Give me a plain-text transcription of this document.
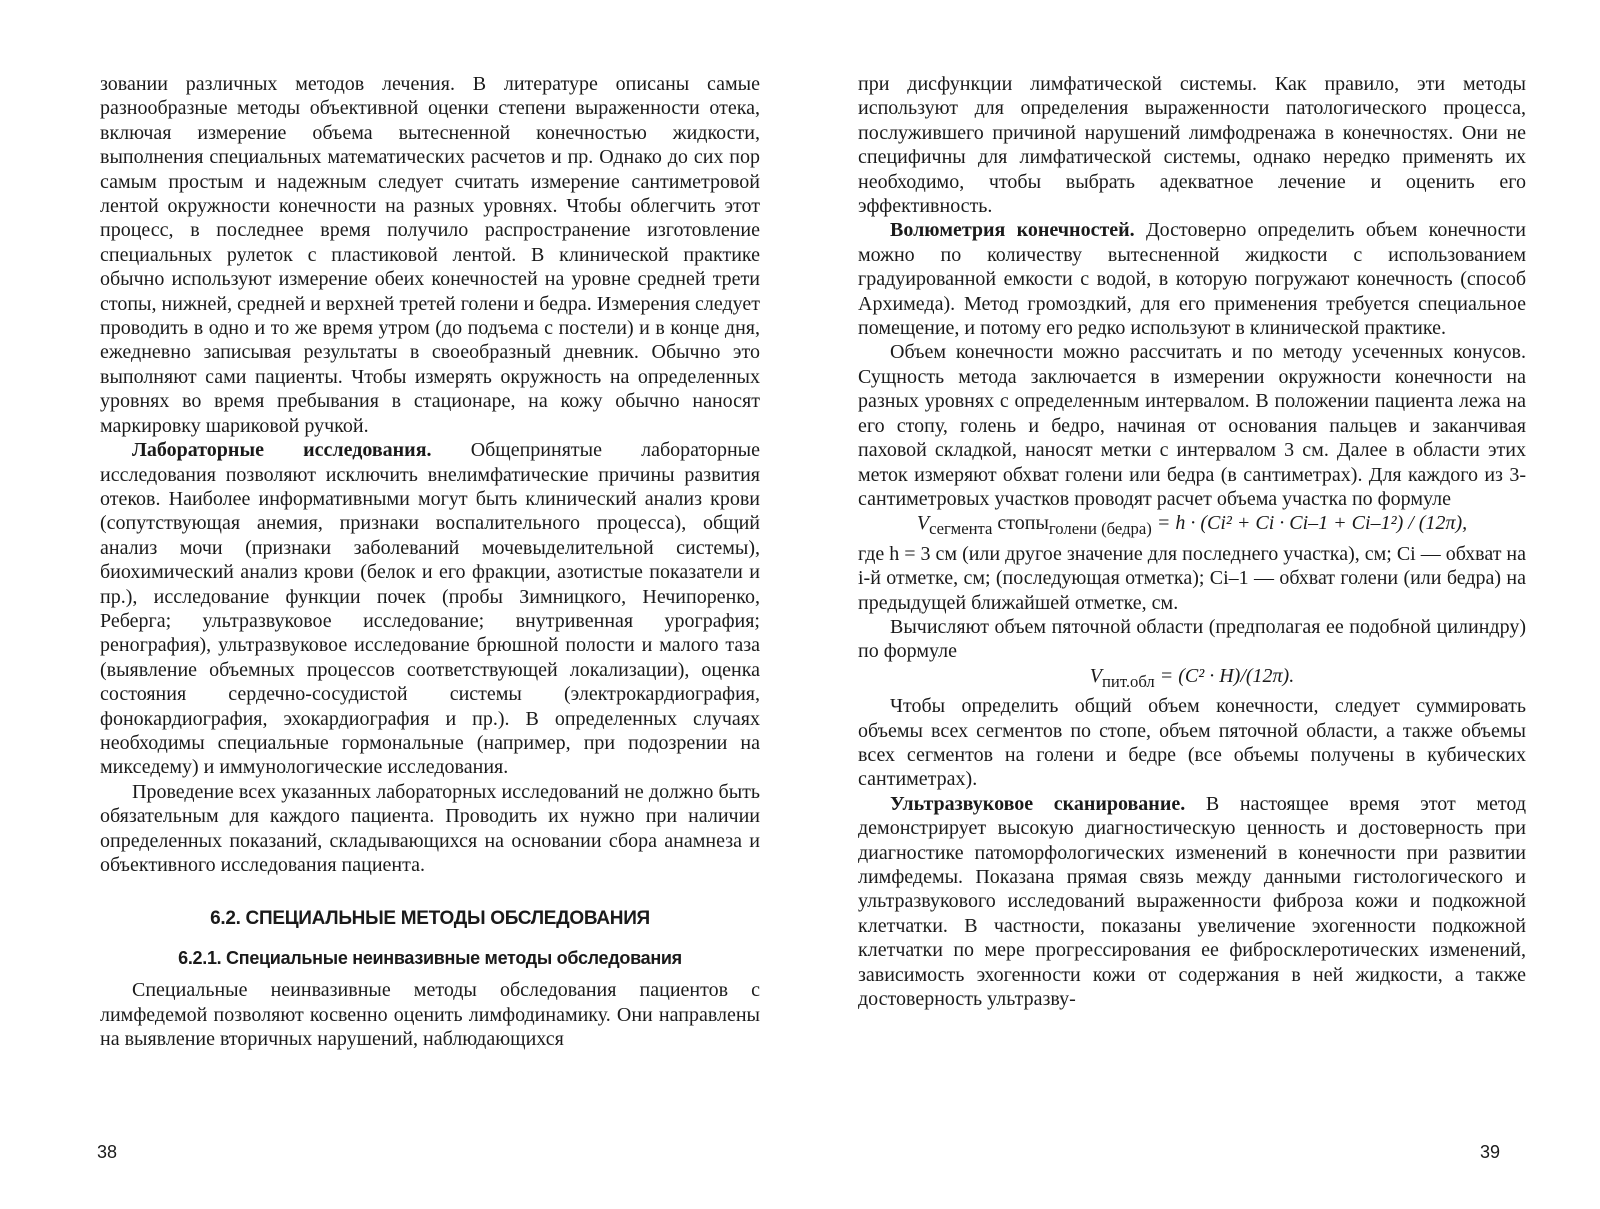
зовании различных методов лечения. В литературе описаны самые разнообразные методы объективной оценки степени выраженности отека, включая измерение объема вытесненной конечностью жидкости, выполнения специальных математических расчетов и пр. Однако до сих пор самым простым и надежным следует считать измерение сантиметровой лентой окружности конечности на разных уровнях. Чтобы облегчить этот процесс, в последнее время получило распространение изготовление специальных рулеток с пластиковой лентой. В клинической практике обычно используют измерение обеих конечностей на уровне средней трети стопы, нижней, средней и верхней третей голени и бедра. Измерения следует проводить в одно и то же время утром (до подъема с постели) и в конце дня, ежедневно записывая результаты в своеобразный дневник. Обычно это выполняют сами пациенты. Чтобы измерять окружность на определенных уровнях во время пребывания в стационаре, на кожу обычно наносят маркировку шариковой ручкой.

Лабораторные исследования. Общепринятые лабораторные исследования позволяют исключить внелимфатические причины развития отеков. Наиболее информативными могут быть клинический анализ крови (сопутствующая анемия, признаки воспалительного процесса), общий анализ мочи (признаки заболеваний мочевыделительной системы), биохимический анализ крови (белок и его фракции, азотистые показатели и пр.), исследование функции почек (пробы Зимницкого, Нечипоренко, Реберга; ультразвуковое исследование; внутривенная урография; ренография), ультразвуковое исследование брюшной полости и малого таза (выявление объемных процессов соответствующей локализации), оценка состояния сердечно-сосудистой системы (электрокардиография, фонокардиография, эхокардиография и пр.). В определенных случаях необходимы специальные гормональные (например, при подозрении на микседему) и иммунологические исследования.

Проведение всех указанных лабораторных исследований не должно быть обязательным для каждого пациента. Проводить их нужно при наличии определенных показаний, складывающихся на основании сбора анамнеза и объективного исследования пациента.

6.2. СПЕЦИАЛЬНЫЕ МЕТОДЫ ОБСЛЕДОВАНИЯ
6.2.1. Специальные неинвазивные методы обследования

Специальные неинвазивные методы обследования пациентов с лимфедемой позволяют косвенно оценить лимфодинамику. Они направлены на выявление вторичных нарушений, наблюдающихся

при дисфункции лимфатической системы. Как правило, эти методы используют для определения выраженности патологического процесса, послужившего причиной нарушений лимфодренажа в конечностях. Они не специфичны для лимфатической системы, однако нередко применять их необходимо, чтобы выбрать адекватное лечение и оценить его эффективность.

Волюметрия конечностей. Достоверно определить объем конечности можно по количеству вытесненной жидкости с использованием градуированной емкости с водой, в которую погружают конечность (способ Архимеда). Метод громоздкий, для его применения требуется специальное помещение, и потому его редко используют в клинической практике.

Объем конечности можно рассчитать и по методу усеченных конусов. Сущность метода заключается в измерении окружности конечности на разных уровнях с определенным интервалом. В положении пациента лежа на его стопу, голень и бедро, начиная от основания пальцев и заканчивая паховой складкой, наносят метки с интервалом 3 см. Далее в области этих меток измеряют обхват голени или бедра (в сантиметрах). Для каждого из 3-сантиметровых участков проводят расчет объема участка по формуле

$V_{сегмента}$ стопы$_{голени (бедра)}$ = h · (Ci² + Ci · Ci–1 + Ci–1²) / (12π),

где h = 3 см (или другое значение для последнего участка), см; Ci — обхват на i-й отметке, см; (последующая отметка); Ci–1 — обхват голени (или бедра) на предыдущей ближайшей отметке, см.

Вычисляют объем пяточной области (предполагая ее подобной цилиндру) по формуле

$V_{пит.обл} = (C^2 \cdot H)/(12\pi)$.

Чтобы определить общий объем конечности, следует суммировать объемы всех сегментов по стопе, объем пяточной области, а также объемы всех сегментов на голени и бедре (все объемы получены в кубических сантиметрах).

Ультразвуковое сканирование. В настоящее время этот метод демонстрирует высокую диагностическую ценность и достоверность при диагностике патоморфологических изменений в конечности при развитии лимфедемы. Показана прямая связь между данными гистологического и ультразвукового исследований выраженности фиброза кожи и подкожной клетчатки. В частности, показаны увеличение эхогенности подкожной клетчатки по мере прогрессирования ее фибросклеротических изменений, зависимость эхогенности кожи от содержания в ней жидкости, а также достоверность ультразву-

38	39
